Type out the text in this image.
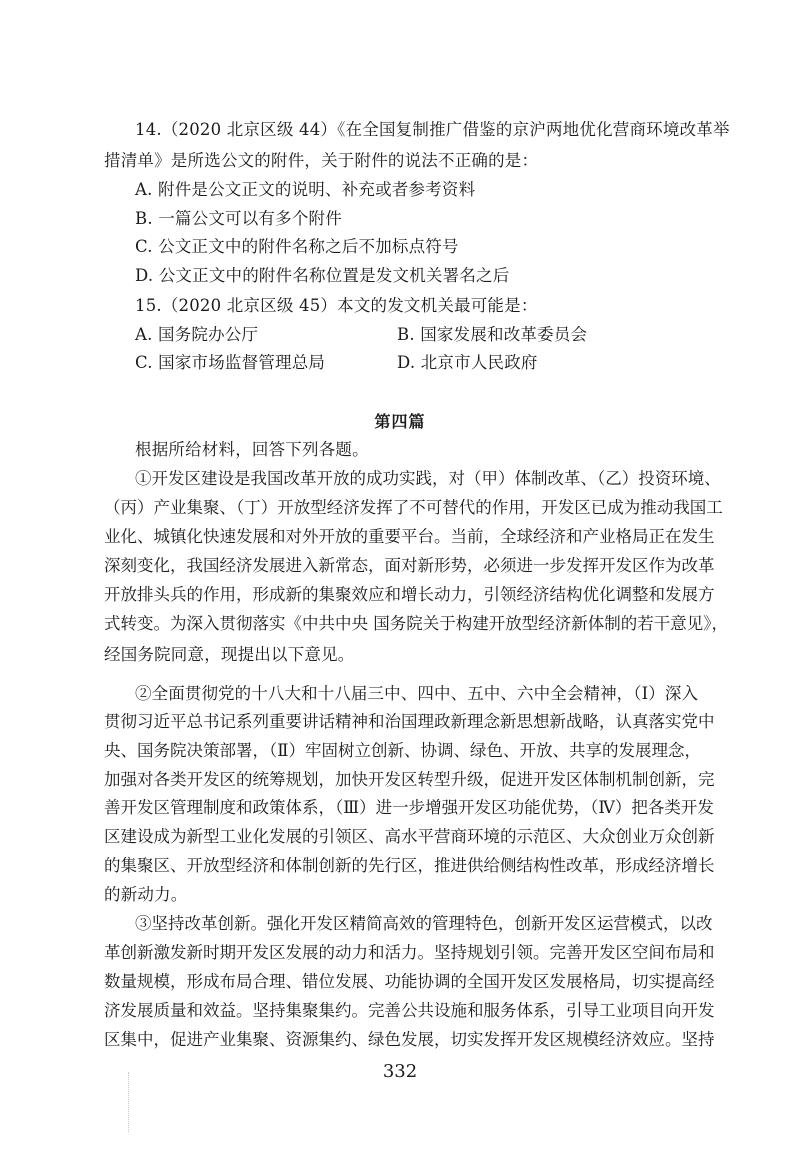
14.（2020 北京区级 44）《在全国复制推广借鉴的京沪两地优化营商环境改革举
措清单》是所选公文的附件，关于附件的说法不正确的是：
A. 附件是公文正文的说明、补充或者参考资料
B. 一篇公文可以有多个附件
C. 公文正文中的附件名称之后不加标点符号
D. 公文正文中的附件名称位置是发文机关署名之后
15.（2020 北京区级 45）本文的发文机关最可能是：
A. 国务院办公厅	B. 国家发展和改革委员会
C. 国家市场监督管理总局	D. 北京市人民政府
第四篇
根据所给材料，回答下列各题。
①开发区建设是我国改革开放的成功实践，对（甲）体制改革、（乙）投资环境、
（丙）产业集聚、（丁）开放型经济发挥了不可替代的作用，开发区已成为推动我国工
业化、城镇化快速发展和对外开放的重要平台。当前，全球经济和产业格局正在发生
深刻变化，我国经济发展进入新常态，面对新形势，必须进一步发挥开发区作为改革
开放排头兵的作用，形成新的集聚效应和增长动力，引领经济结构优化调整和发展方
式转变。为深入贯彻落实《中共中央 国务院关于构建开放型经济新体制的若干意见》，
经国务院同意，现提出以下意见。
②全面贯彻党的十八大和十八届三中、四中、五中、六中全会精神，（Ⅰ）深入
贯彻习近平总书记系列重要讲话精神和治国理政新理念新思想新战略，认真落实党中
央、国务院决策部署，（Ⅱ）牢固树立创新、协调、绿色、开放、共享的发展理念，
加强对各类开发区的统筹规划，加快开发区转型升级，促进开发区体制机制创新，完
善开发区管理制度和政策体系，（Ⅲ）进一步增强开发区功能优势，（Ⅳ）把各类开发
区建设成为新型工业化发展的引领区、高水平营商环境的示范区、大众创业万众创新
的集聚区、开放型经济和体制创新的先行区，推进供给侧结构性改革，形成经济增长
的新动力。
③坚持改革创新。强化开发区精简高效的管理特色，创新开发区运营模式，以改
革创新激发新时期开发区发展的动力和活力。坚持规划引领。完善开发区空间布局和
数量规模，形成布局合理、错位发展、功能协调的全国开发区发展格局，切实提高经
济发展质量和效益。坚持集聚集约。完善公共设施和服务体系，引导工业项目向开发
区集中，促进产业集聚、资源集约、绿色发展，切实发挥开发区规模经济效应。坚持
332
